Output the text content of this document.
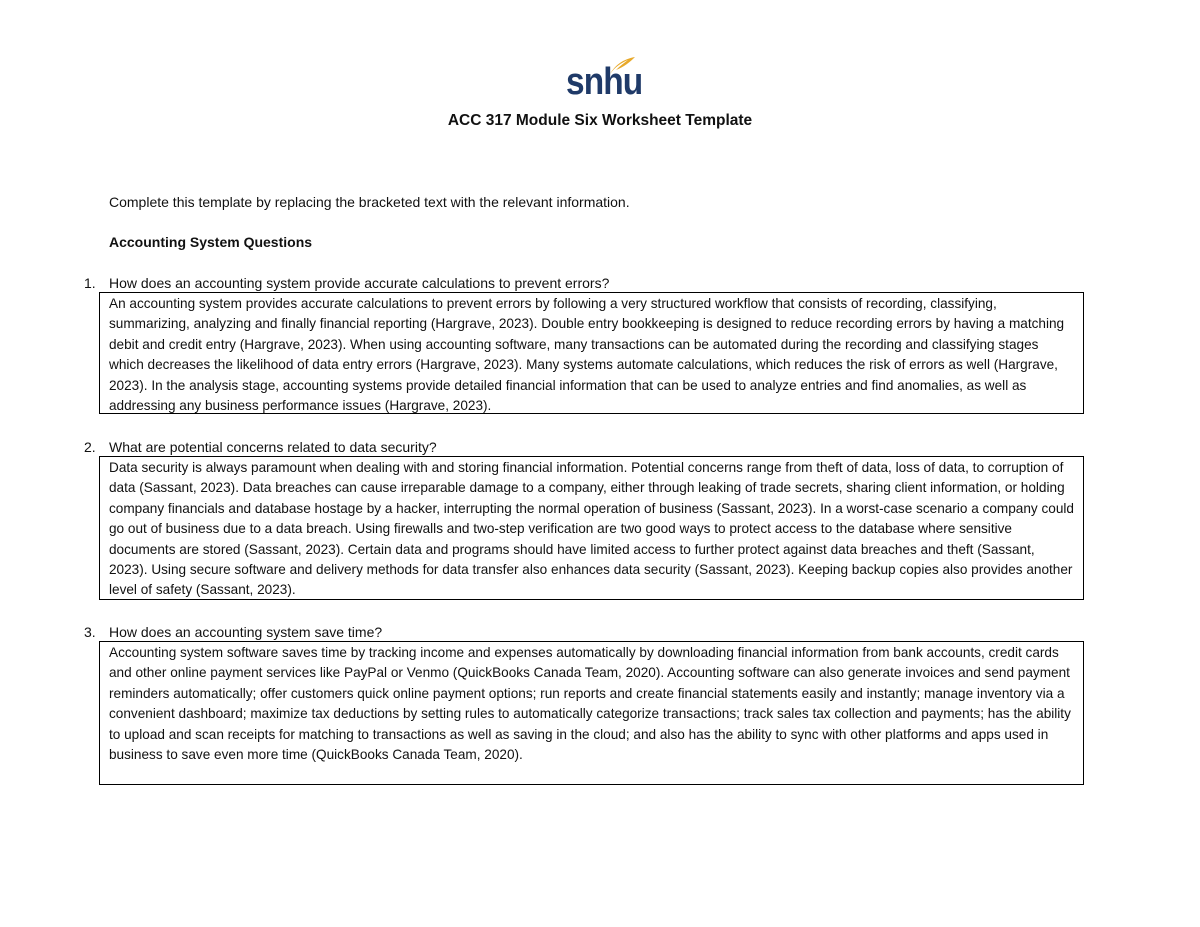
snhu
ACC 317 Module Six Worksheet Template
Complete this template by replacing the bracketed text with the relevant information.
Accounting System Questions
1. How does an accounting system provide accurate calculations to prevent errors?
An accounting system provides accurate calculations to prevent errors by following a very structured workflow that consists of recording, classifying, summarizing, analyzing and finally financial reporting (Hargrave, 2023). Double entry bookkeeping is designed to reduce recording errors by having a matching debit and credit entry (Hargrave, 2023). When using accounting software, many transactions can be automated during the recording and classifying stages which decreases the likelihood of data entry errors (Hargrave, 2023). Many systems automate calculations, which reduces the risk of errors as well (Hargrave, 2023). In the analysis stage, accounting systems provide detailed financial information that can be used to analyze entries and find anomalies, as well as addressing any business performance issues (Hargrave, 2023).
2. What are potential concerns related to data security?
Data security is always paramount when dealing with and storing financial information. Potential concerns range from theft of data, loss of data, to corruption of data (Sassant, 2023). Data breaches can cause irreparable damage to a company, either through leaking of trade secrets, sharing client information, or holding company financials and database hostage by a hacker, interrupting the normal operation of business (Sassant, 2023). In a worst-case scenario a company could go out of business due to a data breach. Using firewalls and two-step verification are two good ways to protect access to the database where sensitive documents are stored (Sassant, 2023). Certain data and programs should have limited access to further protect against data breaches and theft (Sassant, 2023). Using secure software and delivery methods for data transfer also enhances data security (Sassant, 2023). Keeping backup copies also provides another level of safety (Sassant, 2023).
3. How does an accounting system save time?
Accounting system software saves time by tracking income and expenses automatically by downloading financial information from bank accounts, credit cards and other online payment services like PayPal or Venmo (QuickBooks Canada Team, 2020). Accounting software can also generate invoices and send payment reminders automatically; offer customers quick online payment options; run reports and create financial statements easily and instantly; manage inventory via a convenient dashboard; maximize tax deductions by setting rules to automatically categorize transactions; track sales tax collection and payments; has the ability to upload and scan receipts for matching to transactions as well as saving in the cloud; and also has the ability to sync with other platforms and apps used in business to save even more time (QuickBooks Canada Team, 2020).
